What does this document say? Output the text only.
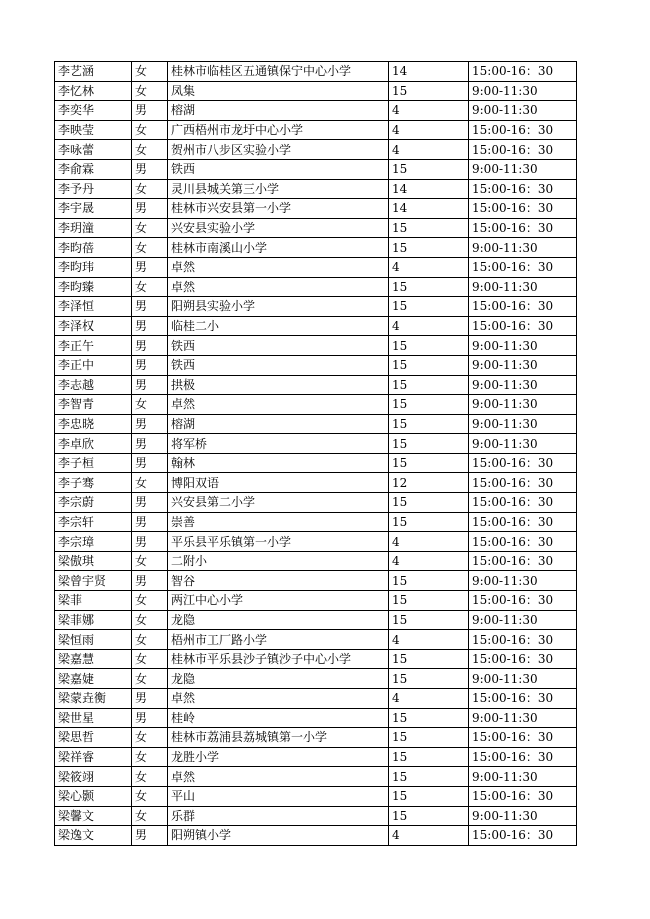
李艺涵	女	桂林市临桂区五通镇保宁中心小学	14	15:00-16：30
李忆林	女	凤集	15	9:00-11:30
李奕华	男	榕湖	4	9:00-11:30
李映莹	女	广西梧州市龙圩中心小学	4	15:00-16：30
李咏蕾	女	贺州市八步区实验小学	4	15:00-16：30
李俞霖	男	铁西	15	9:00-11:30
李予丹	女	灵川县城关第三小学	14	15:00-16：30
李宇晟	男	桂林市兴安县第一小学	14	15:00-16：30
李玥潼	女	兴安县实验小学	15	15:00-16：30
李昀蓓	女	桂林市南溪山小学	15	9:00-11:30
李昀玮	男	卓然	4	15:00-16：30
李昀臻	女	卓然	15	9:00-11:30
李泽恒	男	阳朔县实验小学	15	15:00-16：30
李泽权	男	临桂二小	4	15:00-16：30
李正午	男	铁西	15	9:00-11:30
李正中	男	铁西	15	9:00-11:30
李志越	男	拱极	15	9:00-11:30
李智青	女	卓然	15	9:00-11:30
李忠晓	男	榕湖	15	9:00-11:30
李卓欣	男	将军桥	15	9:00-11:30
李子桓	男	翰林	15	15:00-16：30
李子骞	女	博阳双语	12	15:00-16：30
李宗蔚	男	兴安县第二小学	15	15:00-16：30
李宗轩	男	崇善	15	15:00-16：30
李宗璋	男	平乐县平乐镇第一小学	4	15:00-16：30
梁傲琪	女	二附小	4	15:00-16：30
梁曾宇贤	男	智谷	15	9:00-11:30
梁菲	女	两江中心小学	15	15:00-16：30
梁菲娜	女	龙隐	15	9:00-11:30
梁恒雨	女	梧州市工厂路小学	4	15:00-16：30
梁嘉慧	女	桂林市平乐县沙子镇沙子中心小学	15	15:00-16：30
梁嘉婕	女	龙隐	15	9:00-11:30
梁蒙垚衡	男	卓然	4	15:00-16：30
梁世星	男	桂岭	15	9:00-11:30
梁思哲	女	桂林市荔浦县荔城镇第一小学	15	15:00-16：30
梁祥睿	女	龙胜小学	15	15:00-16：30
梁筱翊	女	卓然	15	9:00-11:30
梁心颢	女	平山	15	15:00-16：30
梁馨文	女	乐群	15	9:00-11:30
梁逸文	男	阳朔镇小学	4	15:00-16：30
